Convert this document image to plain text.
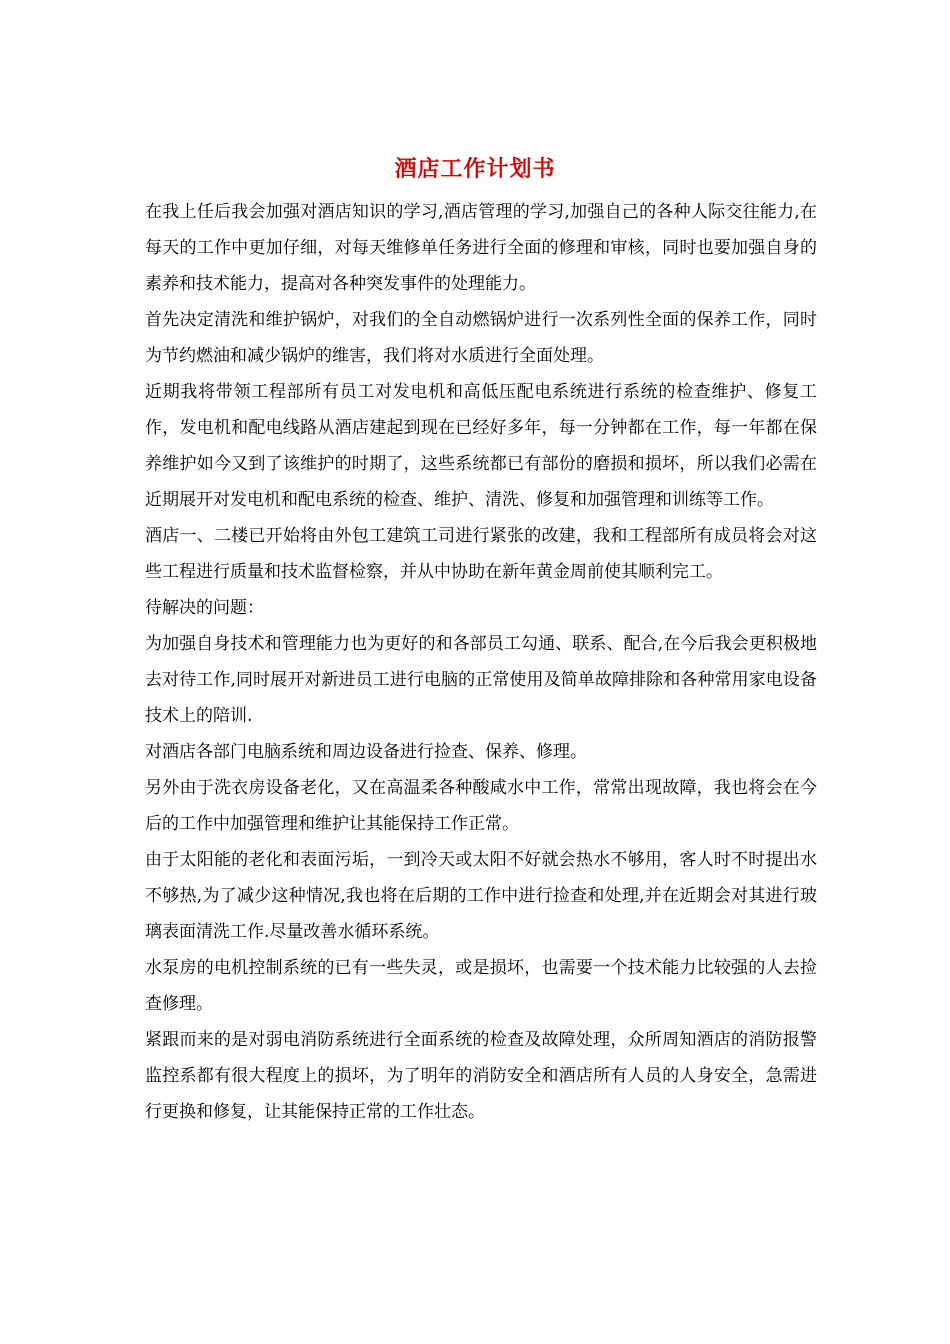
酒店工作计划书

在我上任后我会加强对酒店知识的学习,酒店管理的学习,加强自己的各种人际交往能力,在每天的工作中更加仔细，对每天维修单任务进行全面的修理和审核，同时也要加强自身的素养和技术能力，提高对各种突发事件的处理能力。

首先决定清洗和维护锅炉，对我们的全自动燃锅炉进行一次系列性全面的保养工作，同时为节约燃油和减少锅炉的维害，我们将对水质进行全面处理。

近期我将带领工程部所有员工对发电机和高低压配电系统进行系统的检查维护、修复工作，发电机和配电线路从酒店建起到现在已经好多年，每一分钟都在工作，每一年都在保养维护如今又到了该维护的时期了，这些系统都已有部份的磨损和损坏，所以我们必需在近期展开对发电机和配电系统的检查、维护、清洗、修复和加强管理和训练等工作。

酒店一、二楼已开始将由外包工建筑工司进行紧张的改建，我和工程部所有成员将会对这些工程进行质量和技术监督检察，并从中协助在新年黄金周前使其顺利完工。

待解决的问题：

为加强自身技术和管理能力也为更好的和各部员工勾通、联系、配合,在今后我会更积极地去对待工作,同时展开对新进员工进行电脑的正常使用及简单故障排除和各种常用家电设备技术上的陪训.

对酒店各部门电脑系统和周边设备进行捡查、保养、修理。

另外由于洗衣房设备老化，又在高温柔各种酸咸水中工作，常常出现故障，我也将会在今后的工作中加强管理和维护让其能保持工作正常。

由于太阳能的老化和表面污垢，一到冷天或太阳不好就会热水不够用，客人时不时提出水不够热,为了减少这种情况,我也将在后期的工作中进行捡查和处理,并在近期会对其进行玻璃表面清洗工作.尽量改善水循环系统。

水泵房的电机控制系统的已有一些失灵，或是损坏，也需要一个技术能力比较强的人去捡查修理。

紧跟而来的是对弱电消防系统进行全面系统的检查及故障处理，众所周知酒店的消防报警监控系都有很大程度上的损坏，为了明年的消防安全和酒店所有人员的人身安全，急需进行更换和修复，让其能保持正常的工作壮态。
